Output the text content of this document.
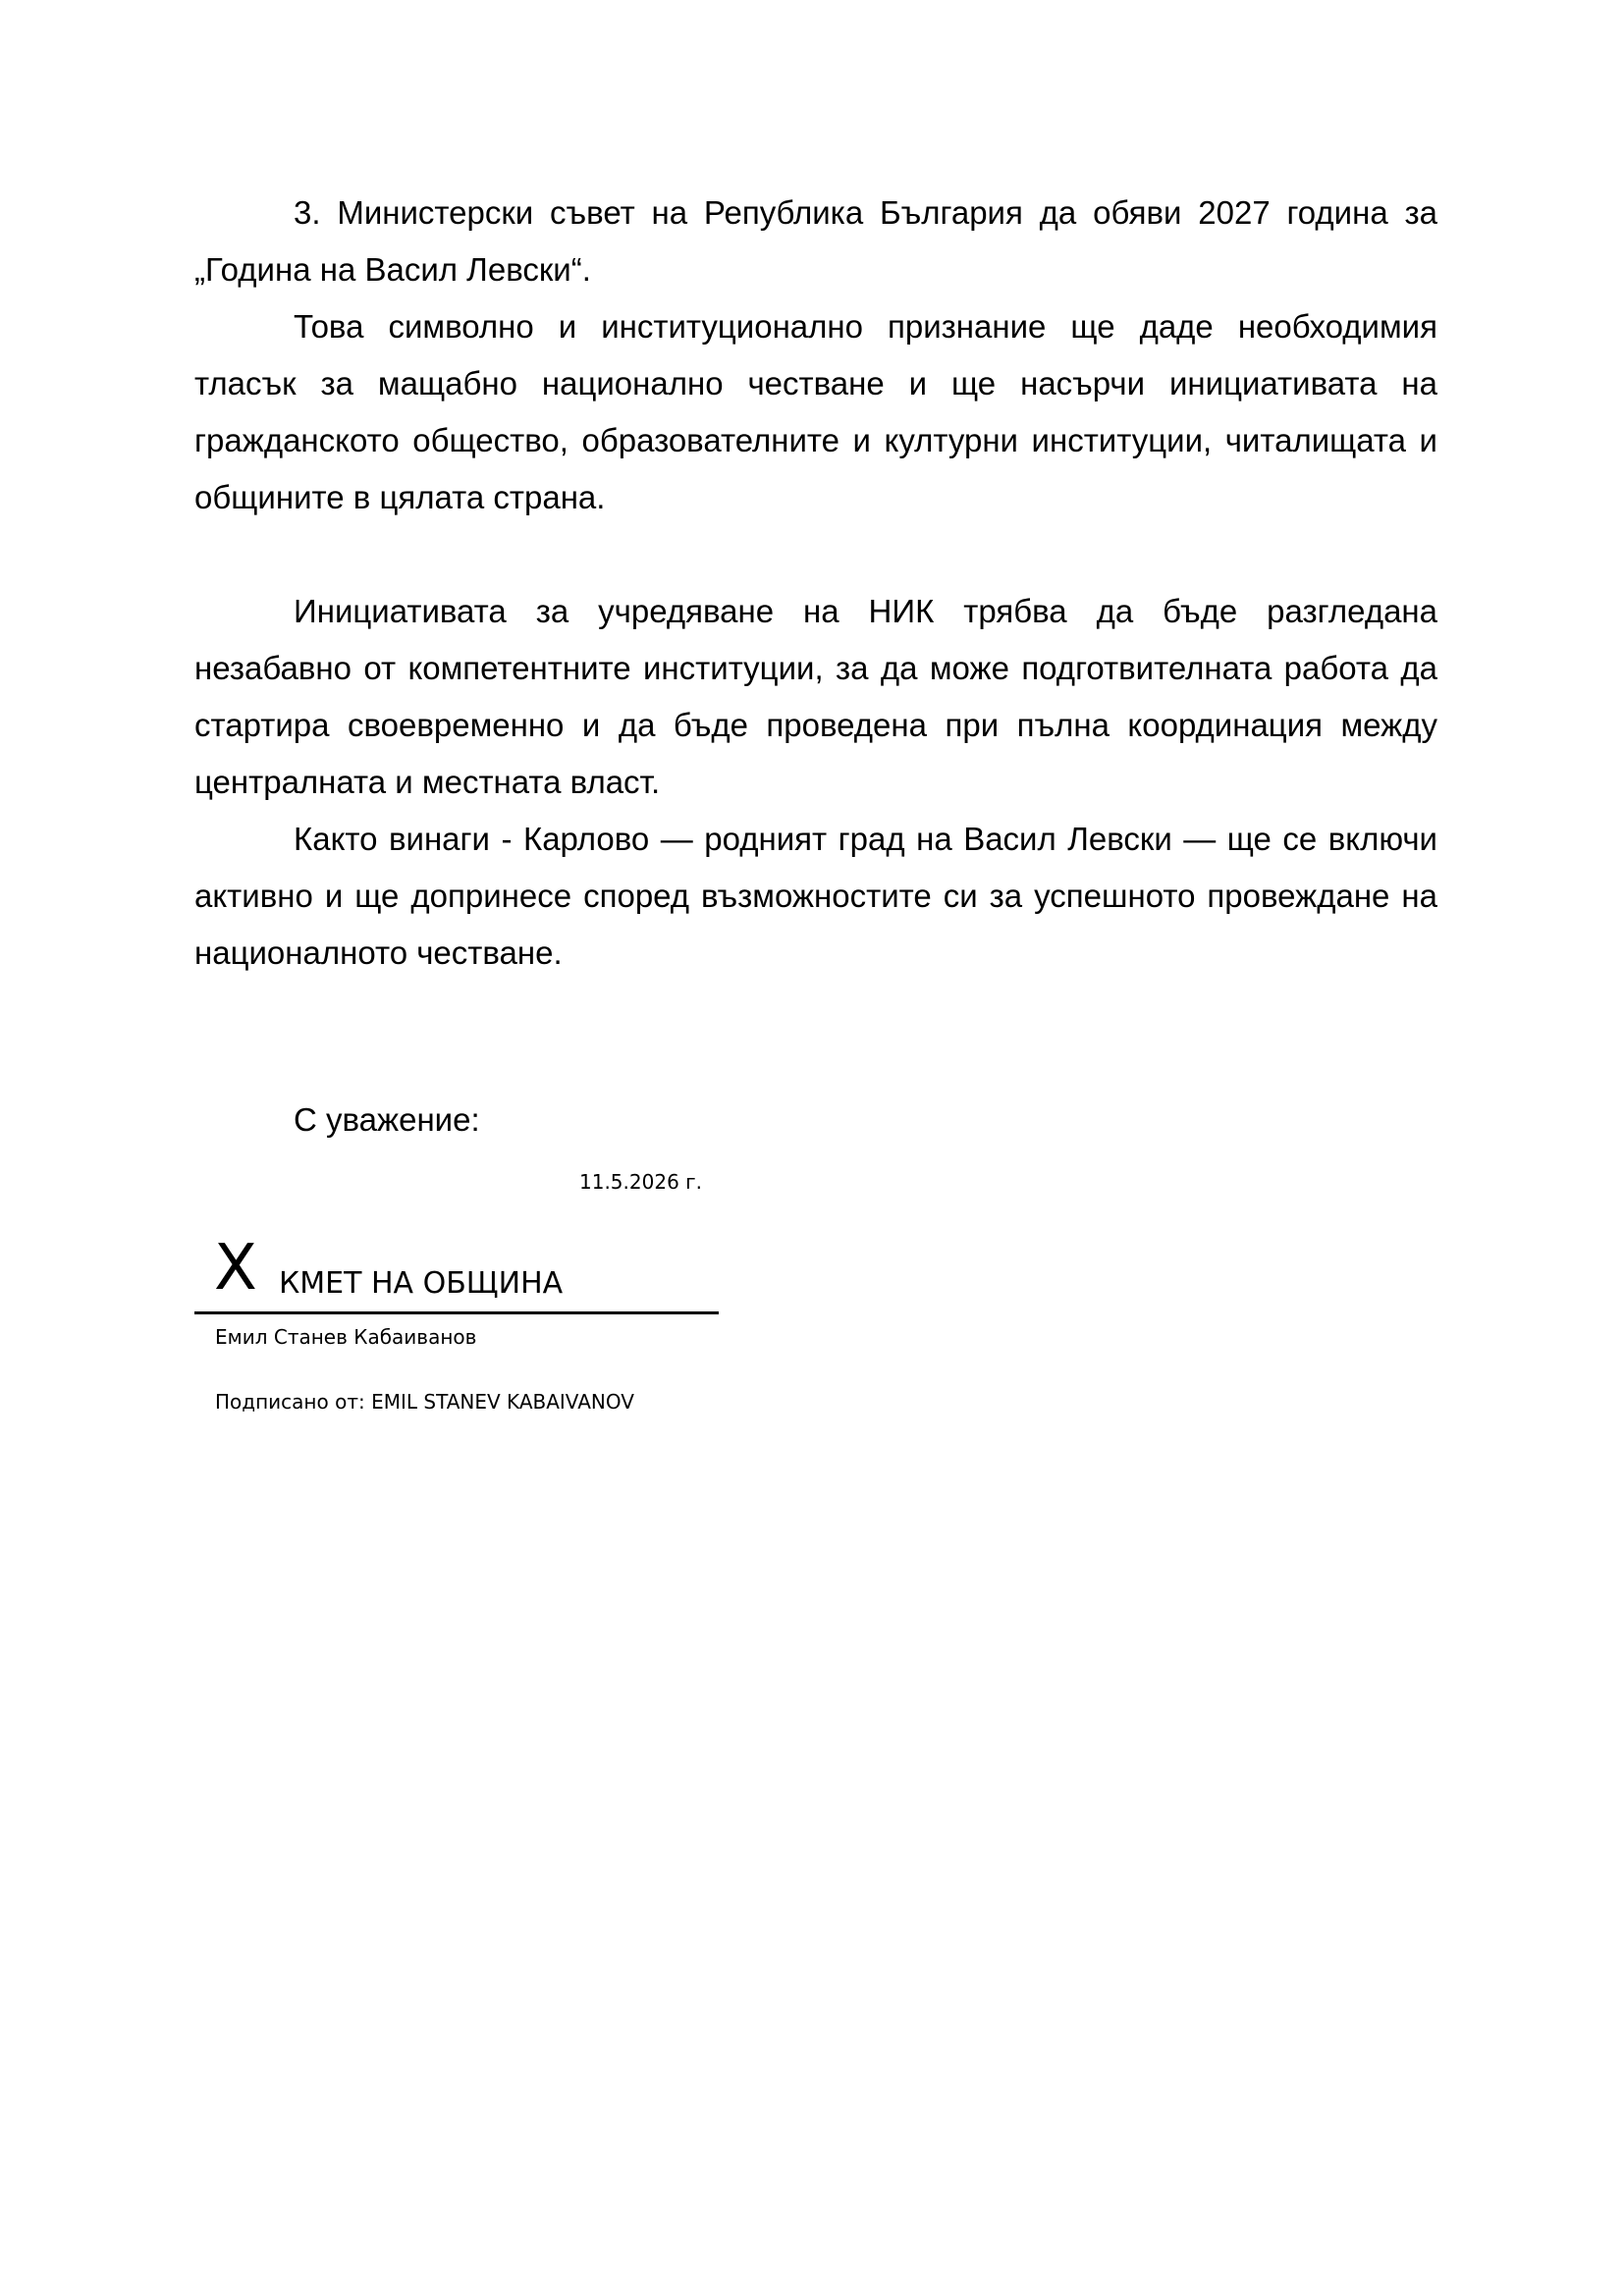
3. Министерски съвет на Република България да обяви 2027 година за „Година на Васил Левски“.

Това символно и институционално признание ще даде необходимия тласък за мащабно национално честване и ще насърчи инициативата на гражданското общество, образователните и културни институции, читалищата и общините в цялата страна.

Инициативата за учредяване на НИК трябва да бъде разгледана незабавно от компетентните институции, за да може подготвителната работа да стартира своевременно и да бъде проведена при пълна координация между централната и местната власт.

Както винаги - Карлово — родният град на Васил Левски — ще се включи активно и ще допринесе според възможностите си за успешното провеждане на националното честване.

С уважение:

11.5.2026 г.
X КМЕТ НА ОБЩИНА
Емил Станев Кабаиванов
Подписано от: EMIL STANEV KABAIVANOV
